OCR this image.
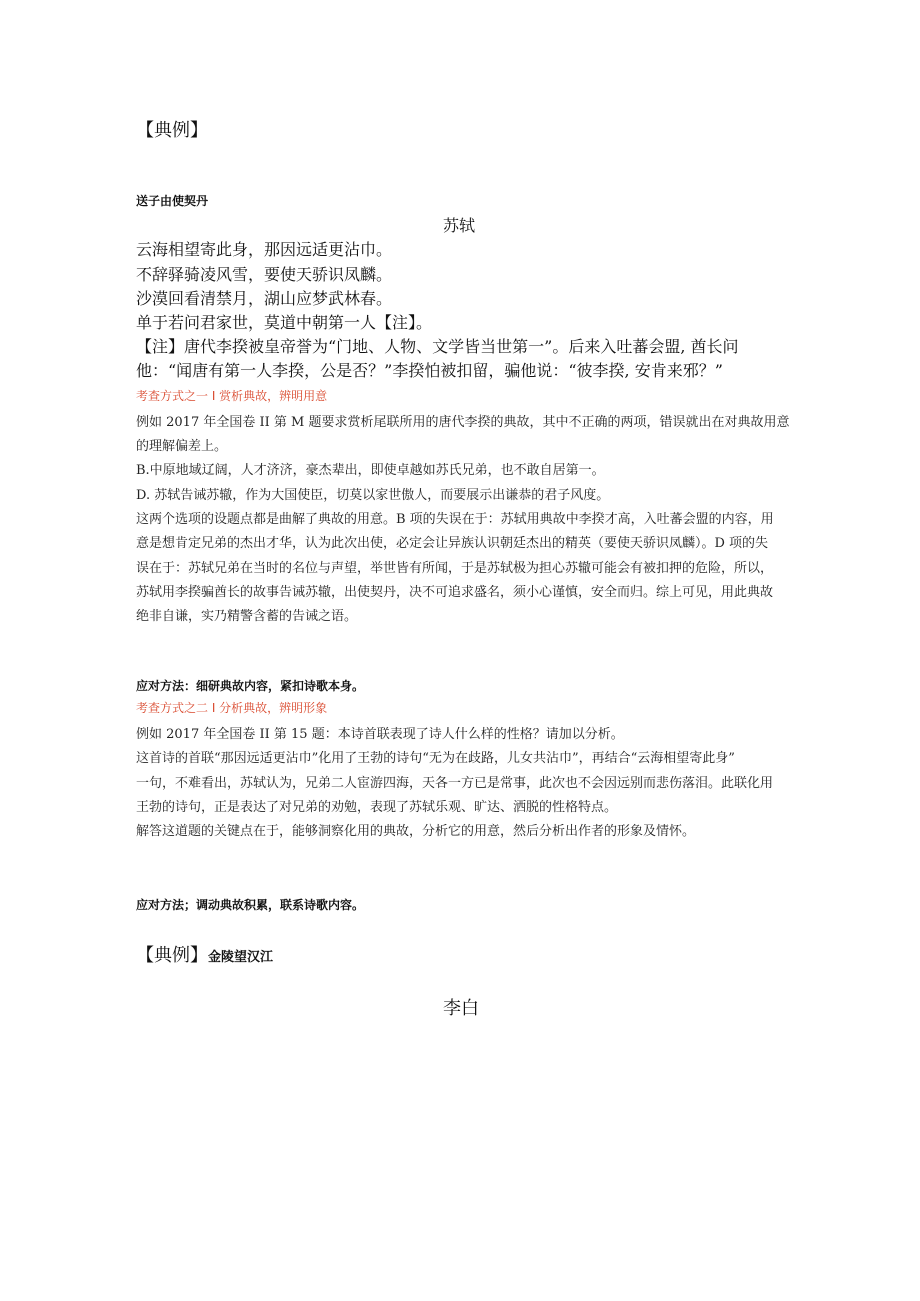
【典例】
送子由使契丹
苏轼
云海相望寄此身，那因远适更沾巾。
不辞驿骑凌风雪，要使天骄识凤麟。
沙漠回看清禁月，湖山应梦武林春。
单于若问君家世，莫道中朝第一人【注】。
【注】唐代李揆被皇帝誉为“门地、人物、文学皆当世第一”。后来入吐蕃会盟, 酋长问
他：“闻唐有第一人李揆，公是否？”李揆怕被扣留，骗他说：“彼李揆, 安肯来邪？”
考查方式之一 I 赏析典故，辨明用意
例如 2017 年全国卷 II 第 M 题要求赏析尾联所用的唐代李揆的典故，其中不正确的两项，错误就出在对典故用意
的理解偏差上。
B.中原地域辽阔，人才济济，豪杰辈出，即使卓越如苏氏兄弟，也不敢自居第一。
D. 苏轼告诫苏辙，作为大国使臣，切莫以家世傲人，而要展示出谦恭的君子风度。
这两个选项的设题点都是曲解了典故的用意。B 项的失误在于：苏轼用典故中李揆才高，入吐蕃会盟的内容，用
意是想肯定兄弟的杰出才华，认为此次出使，必定会让异族认识朝廷杰出的精英（要使天骄识凤麟）。D 项的失
误在于：苏轼兄弟在当时的名位与声望，举世皆有所闻，于是苏轼极为担心苏辙可能会有被扣押的危险，所以，
苏轼用李揆骗酋长的故事告诫苏辙，出使契丹，决不可追求盛名，须小心谨慎，安全而归。综上可见，用此典故
绝非自谦，实乃精警含蓄的告诫之语。
应对方法：细研典故内容，紧扣诗歌本身。
考查方式之二 I 分析典故，辨明形象
例如 2017 年全国卷 II 第 15 题：本诗首联表现了诗人什么样的性格？请加以分析。
这首诗的首联“那因远适更沾巾”化用了王勃的诗句“无为在歧路，儿女共沾巾”，再结合“云海相望寄此身”
一句，不难看出，苏轼认为，兄弟二人宦游四海，天各一方已是常事，此次也不会因远别而悲伤落泪。此联化用
王勃的诗句，正是表达了对兄弟的劝勉，表现了苏轼乐观、旷达、洒脱的性格特点。
解答这道题的关键点在于，能够洞察化用的典故，分析它的用意，然后分析出作者的形象及情怀。
应对方法；调动典故积累，联系诗歌内容。
【典例】金陵望汉江
李白
